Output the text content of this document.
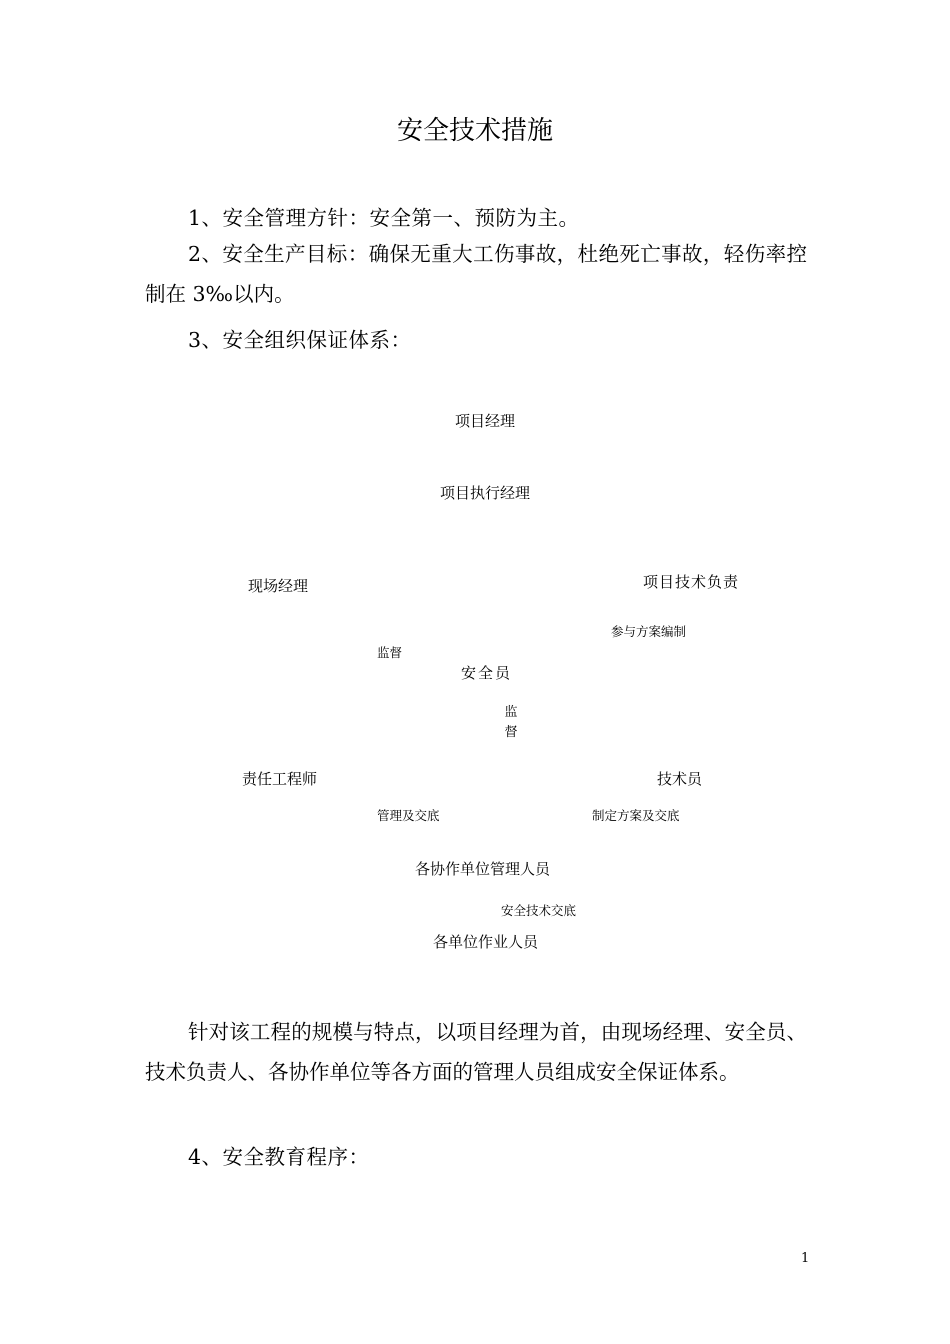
安全技术措施
1、安全管理方针：安全第一、预防为主。
2、安全生产目标：确保无重大工伤事故，杜绝死亡事故，轻伤率控制在 3‰以内。
3、安全组织保证体系：
项目经理
项目执行经理
现场经理	项目技术负责
参与方案编制
监督
安全员
监督
责任工程师	技术员
管理及交底	制定方案及交底
各协作单位管理人员
安全技术交底
各单位作业人员
针对该工程的规模与特点，以项目经理为首，由现场经理、安全员、技术负责人、各协作单位等各方面的管理人员组成安全保证体系。
4、安全教育程序：
1
